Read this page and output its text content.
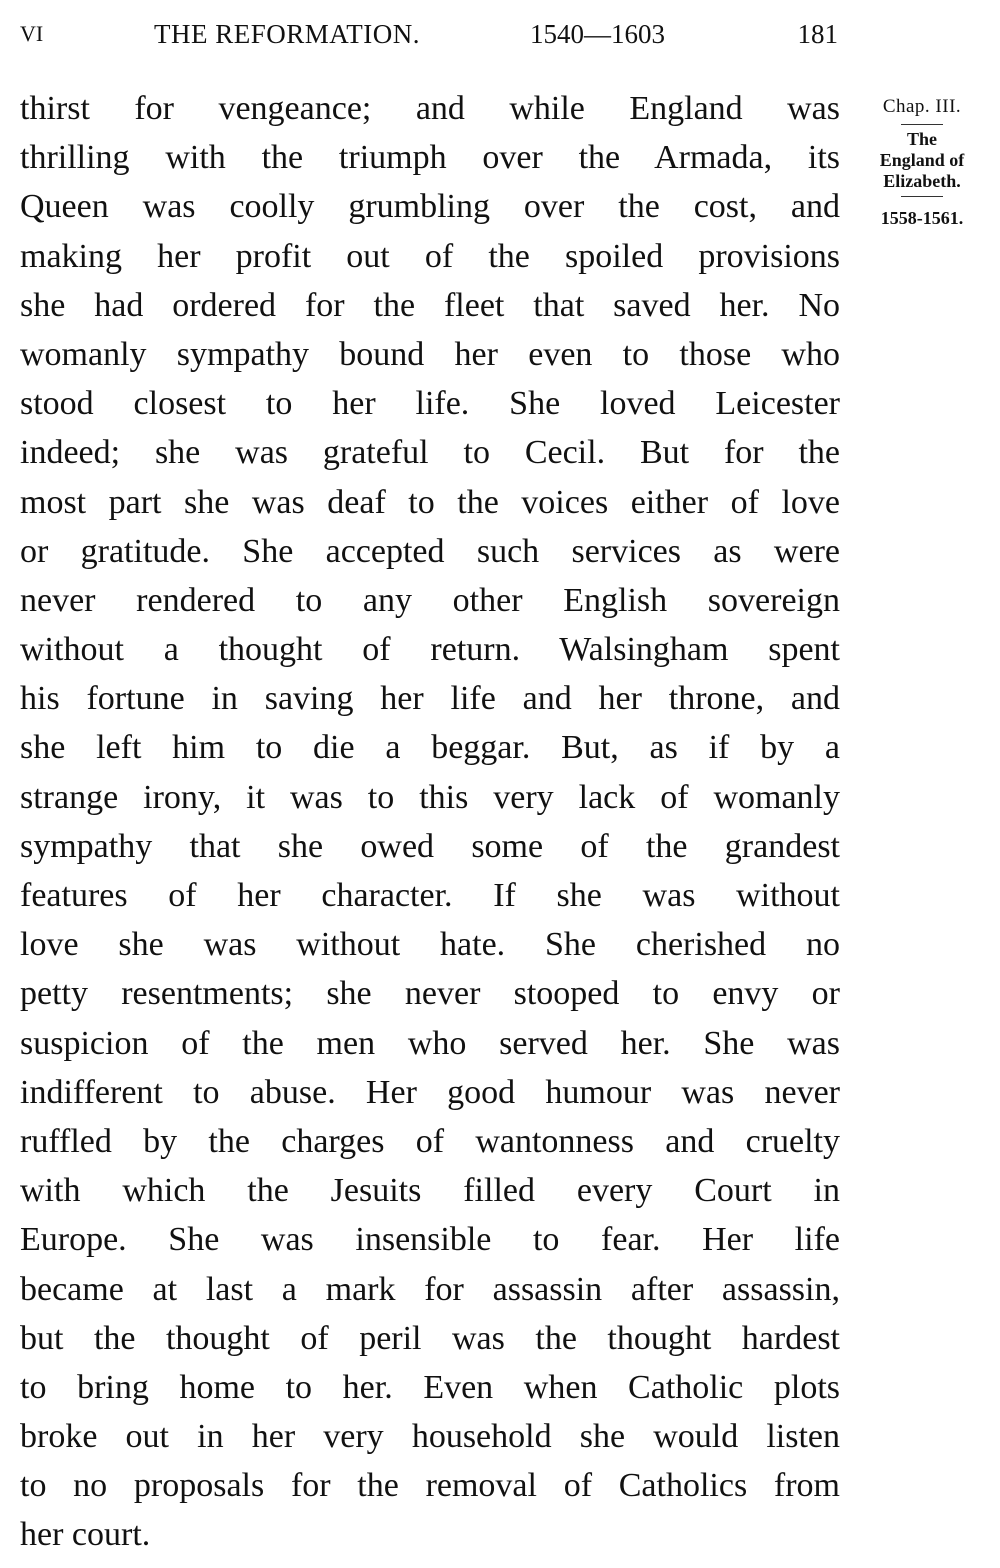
VI	THE REFORMATION.	1540—1603	181
thirst for vengeance; and while England was
thrilling with the triumph over the Armada, its
Queen was coolly grumbling over the cost, and
making her profit out of the spoiled provisions
she had ordered for the fleet that saved her. No
womanly sympathy bound her even to those who
stood closest to her life. She loved Leicester
indeed; she was grateful to Cecil. But for the
most part she was deaf to the voices either of love
or gratitude. She accepted such services as were
never rendered to any other English sovereign
without a thought of return. Walsingham spent
his fortune in saving her life and her throne, and
she left him to die a beggar. But, as if by a
strange irony, it was to this very lack of womanly
sympathy that she owed some of the grandest
features of her character. If she was without
love she was without hate. She cherished no
petty resentments; she never stooped to envy or
suspicion of the men who served her. She was
indifferent to abuse. Her good humour was never
ruffled by the charges of wantonness and cruelty
with which the Jesuits filled every Court in
Europe. She was insensible to fear. Her life
became at last a mark for assassin after assassin,
but the thought of peril was the thought hardest
to bring home to her. Even when Catholic plots
broke out in her very household she would listen
to no proposals for the removal of Catholics from
her court.
Chap. III.
The
England of
Elizabeth.
1558-1561.
